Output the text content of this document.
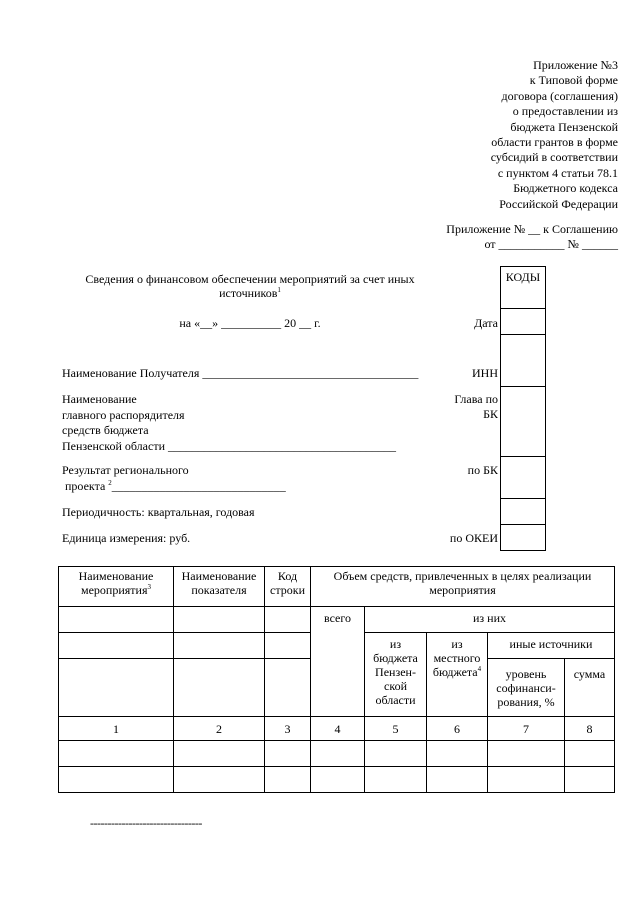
Приложение №3
к Типовой форме
договора (соглашения)
о предоставлении из
бюджета Пензенской
области грантов в форме
субсидий в соответствии
с пунктом 4 статьи 78.1
Бюджетного кодекса
Российской Федерации
Приложение № __ к Соглашению
от ___________ № ______
Сведения о финансовом обеспечении мероприятий за счет иных источников$^1$
на «__» __________ 20 __ г.
Наименование Получателя ____________________________________
Наименование
главного распорядителя
средств бюджета
Пензенской области ______________________________________
Результат регионального
проекта $^2$_____________________________
Периодичность: квартальная, годовая
Единица измерения: руб.
Дата
ИНН
Глава по
БК
по БК
по ОКЕИ
КОДЫ

Наименование мероприятия$^3$	Наименование показателя	Код строки	Объем средств, привлеченных в целях реализации мероприятия				
			всего	из них			
				из бюджета Пензен-ской области	из местного бюджета$^4$	иные источники	
						уровень софинанси-рования, %	сумма
1	2	3	4	5	6	7	8

--------------------------------
